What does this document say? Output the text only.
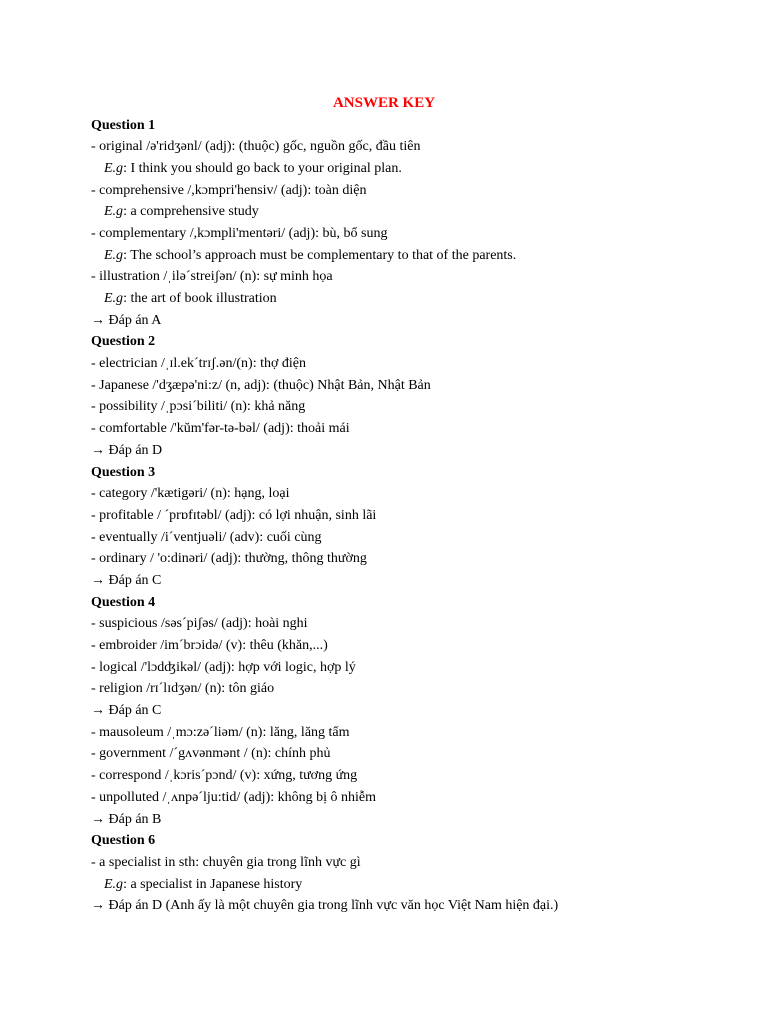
ANSWER KEY
Question 1
- original /ə'ridʒənl/ (adj): (thuộc) gốc, nguồn gốc, đầu tiên
E.g: I think you should go back to your original plan.
- comprehensive /,kɔmpri'hensiv/ (adj): toàn diện
E.g: a comprehensive study
- complementary /,kɔmpli'mentəri/ (adj): bù, bổ sung
E.g: The school’s approach must be complementary to that of the parents.
- illustration /ˌilə´streiʃən/ (n): sự minh họa
E.g: the art of book illustration
→ Đáp án A
Question 2
- electrician /ˌɪl.ek´trɪʃ.ən/(n): thợ điện
- Japanese /'dʒæpə'ni:z/ (n, adj): (thuộc) Nhật Bản, Nhật Bản
- possibility /ˌpɔsi´biliti/ (n): khả năng
- comfortable /'kŭm'fər-tə-bəl/ (adj): thoải mái
→ Đáp án D
Question 3
- category /'kætigəri/ (n): hạng, loại
- profitable / ´prɒfɪtəbl/ (adj): có lợi nhuận, sinh lãi
- eventually /i´ventjuəli/ (adv): cuối cùng
- ordinary / 'o:dinəri/ (adj): thường, thông thường
→ Đáp án C
Question 4
- suspicious /səs´piʃəs/ (adj): hoài nghi
- embroider /im´brɔidə/ (v): thêu (khăn,...)
- logical /'lɔdʤikəl/ (adj): hợp với logic, hợp lý
- religion /rɪ´lɪdʒən/ (n): tôn giáo
→ Đáp án C
- mausoleum /ˌmɔ:zə´liəm/ (n): lăng, lăng tẩm
- government /´gʌvənmənt / (n): chính phủ
- correspond /ˌkɔris´pɔnd/ (v): xứng, tương ứng
- unpolluted /ˌʌnpə´lju:tid/ (adj): không bị ô nhiễm
→ Đáp án B
Question 6
- a specialist in sth: chuyên gia trong lĩnh vực gì
E.g: a specialist in Japanese history
→ Đáp án D (Anh ấy là một chuyên gia trong lĩnh vực văn học Việt Nam hiện đại.)
